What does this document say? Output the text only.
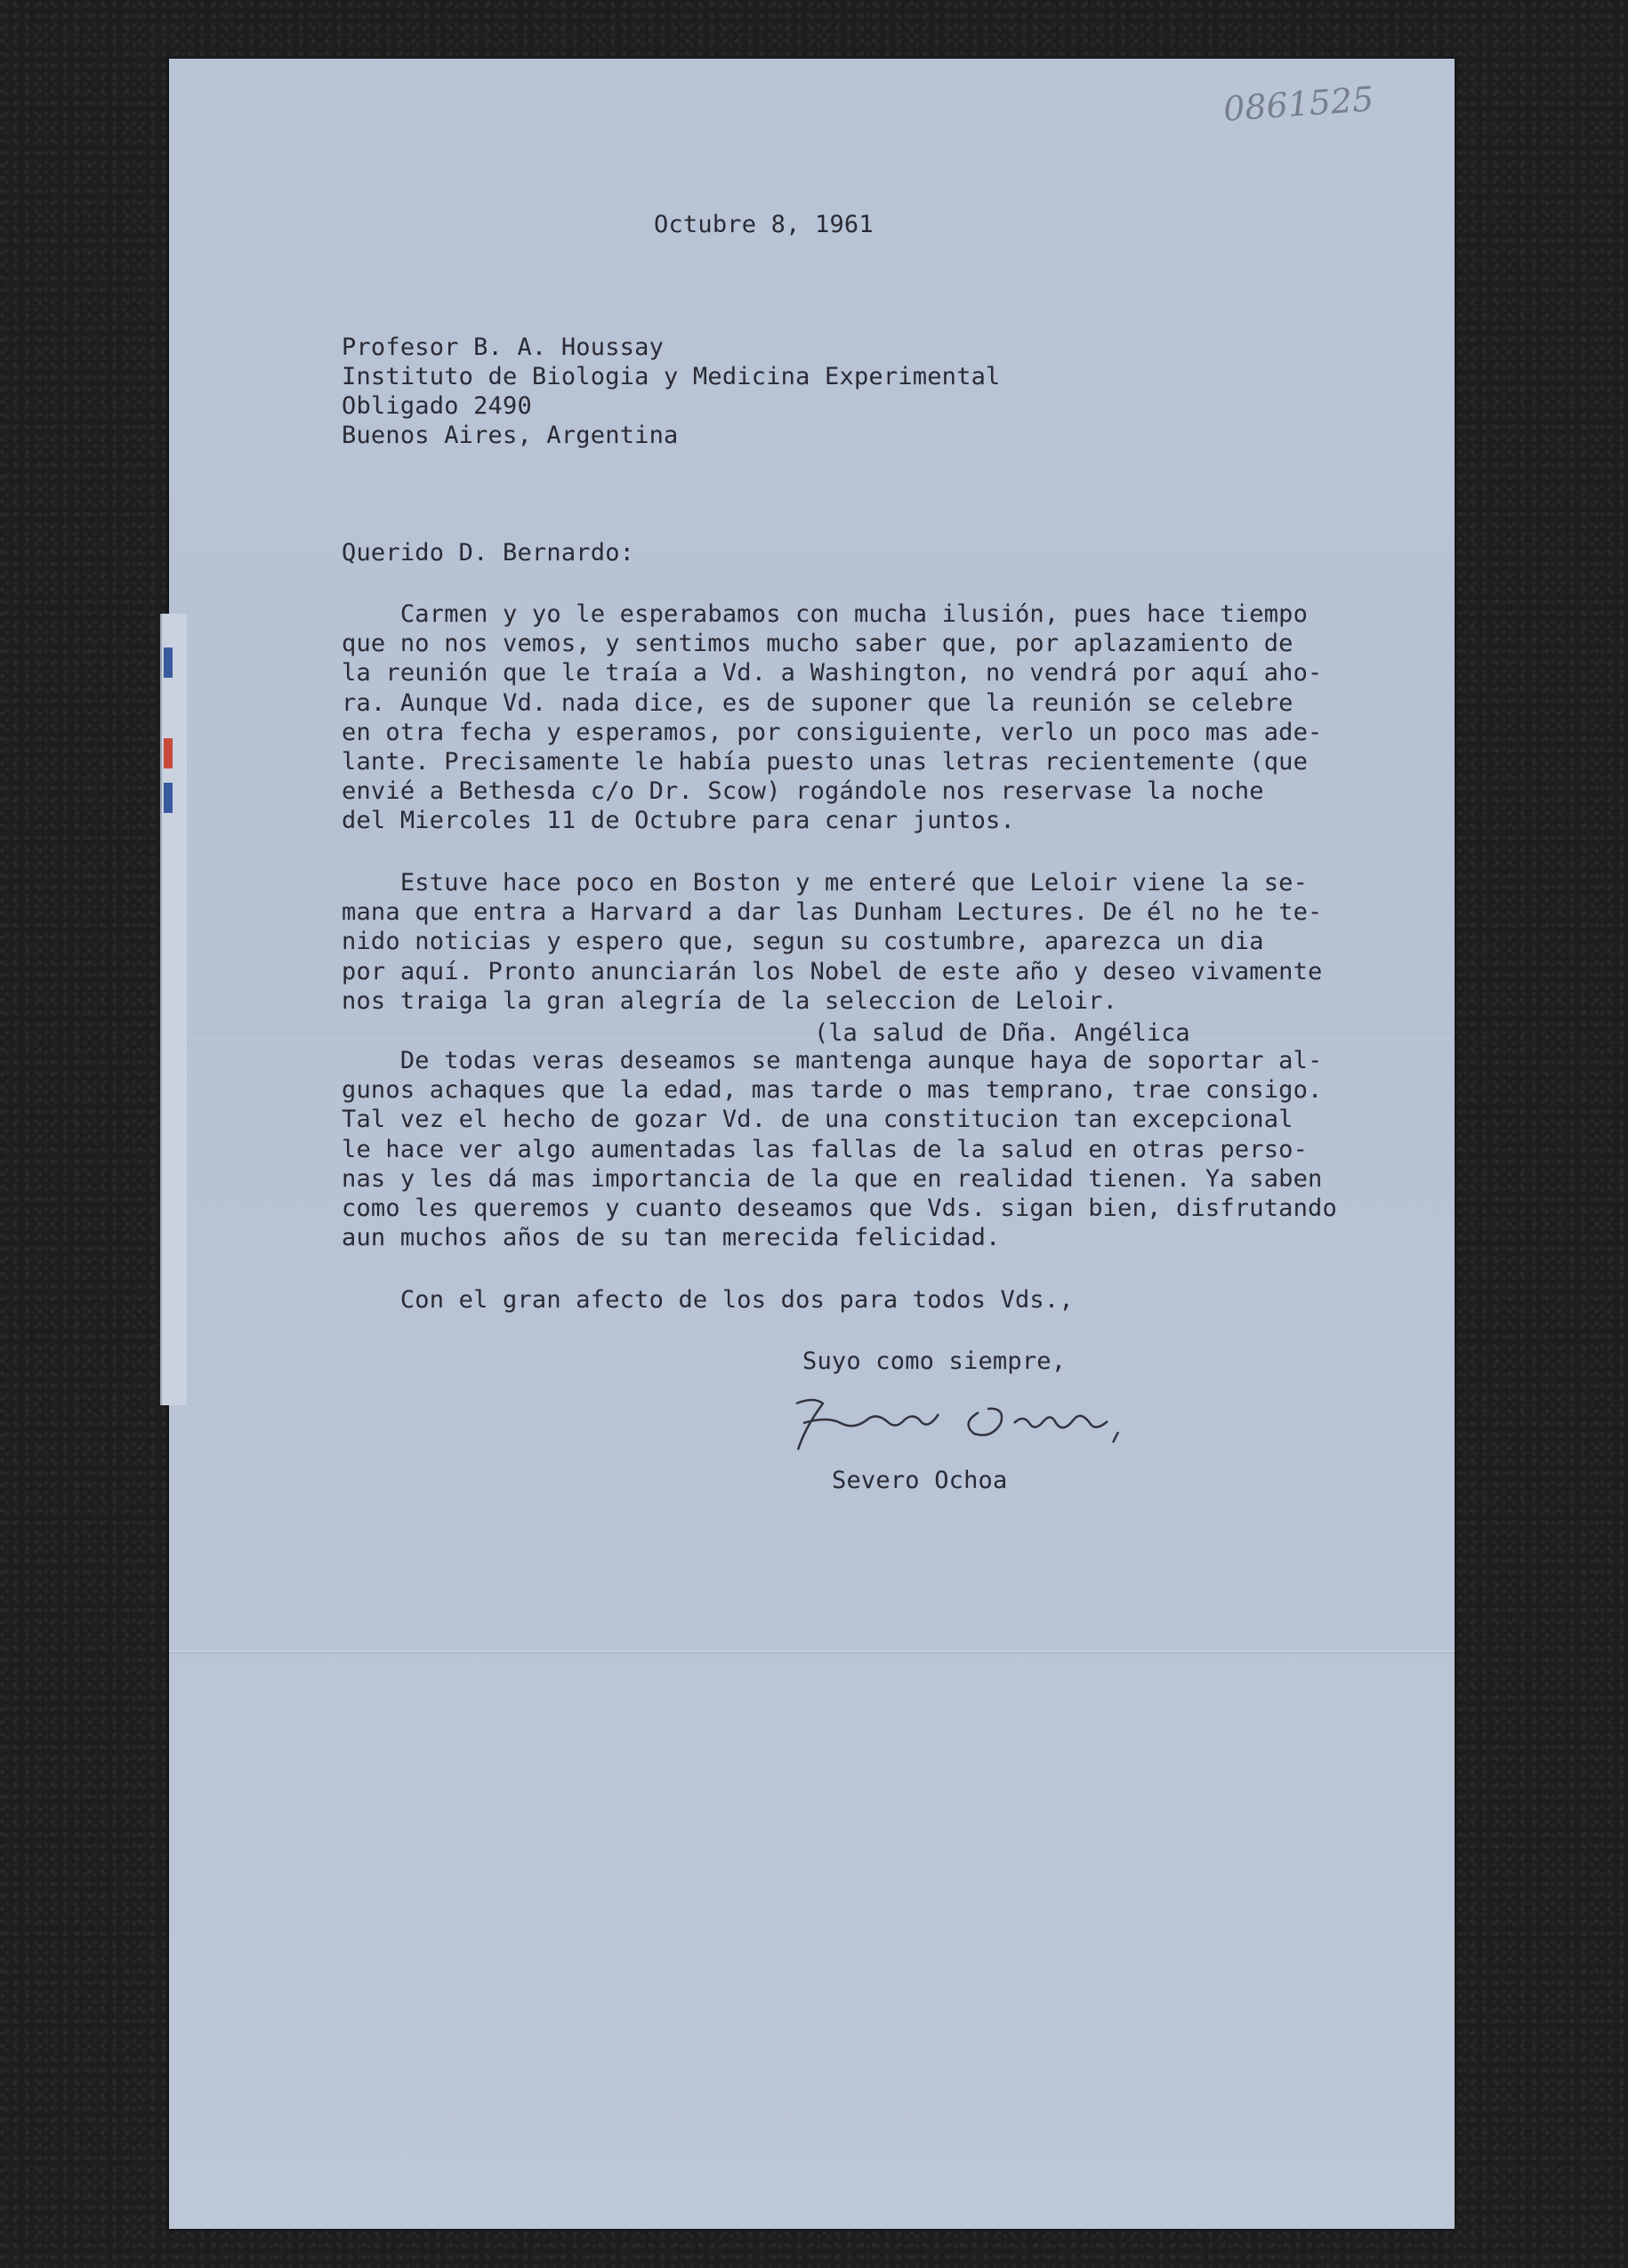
0861525

Octubre 8, 1961

Profesor B. A. Houssay

Instituto de Biologia y Medicina Experimental

Obligado 2490

Buenos Aires, Argentina

Querido D. Bernardo:

Carmen y yo le esperabamos con mucha ilusión, pues hace tiempo
que no nos vemos, y sentimos mucho saber que, por aplazamiento de
la reunión que le traía a Vd. a Washington, no vendrá por aquí aho-
ra. Aunque Vd. nada dice, es de suponer que la reunión se celebre
en otra fecha y esperamos, por consiguiente, verlo un poco mas ade-
lante. Precisamente le había puesto unas letras recientemente (que
envié a Bethesda c/o Dr. Scow) rogándole nos reservase la noche
del Miercoles 11 de Octubre para cenar juntos.

Estuve hace poco en Boston y me enteré que Leloir viene la se-
mana que entra a Harvard a dar las Dunham Lectures. De él no he te-
nido noticias y espero que, segun su costumbre, aparezca un dia
por aquí. Pronto anunciarán los Nobel de este año y deseo vivamente
nos traiga la gran alegría de la seleccion de Leloir.

(la salud de Dña. Angélica

De todas veras deseamos se mantenga aunque haya de soportar al-
gunos achaques que la edad, mas tarde o mas temprano, trae consigo.
Tal vez el hecho de gozar Vd. de una constitucion tan excepcional
le hace ver algo aumentadas las fallas de la salud en otras perso-
nas y les dá mas importancia de la que en realidad tienen. Ya saben
como les queremos y cuanto deseamos que Vds. sigan bien, disfrutando
aun muchos años de su tan merecida felicidad.

Con el gran afecto de los dos para todos Vds.,

Suyo como siempre,

Severo Ochoa
